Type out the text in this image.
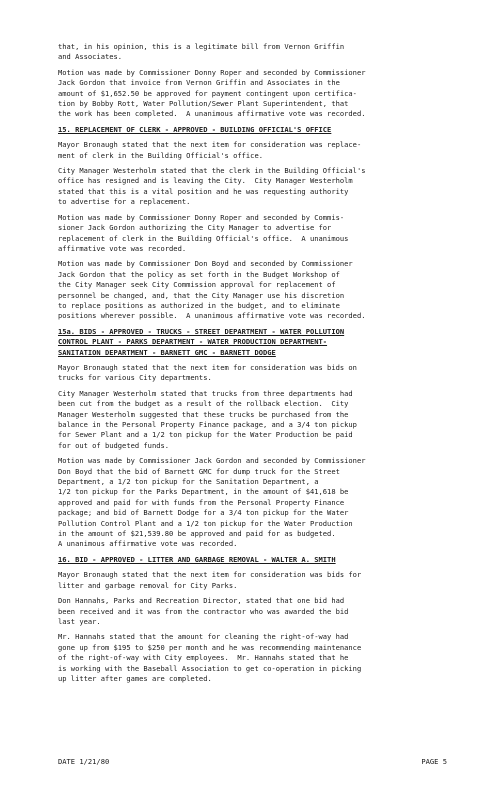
that, in his opinion, this is a legitimate bill from Vernon Griffin
and Associates.
Motion was made by Commissioner Donny Roper and seconded by Commissioner
Jack Gordon that invoice from Vernon Griffin and Associates in the
amount of $1,652.50 be approved for payment contingent upon certifica-
tion by Bobby Rott, Water Pollution/Sewer Plant Superintendent, that
the work has been completed.  A unanimous affirmative vote was recorded.
15. REPLACEMENT OF CLERK - APPROVED - BUILDING OFFICIAL'S OFFICE
Mayor Bronaugh stated that the next item for consideration was replace-
ment of clerk in the Building Official's office.
City Manager Westerholm stated that the clerk in the Building Official's
office has resigned and is leaving the City.  City Manager Westerholm
stated that this is a vital position and he was requesting authority
to advertise for a replacement.
Motion was made by Commissioner Donny Roper and seconded by Commis-
sioner Jack Gordon authorizing the City Manager to advertise for
replacement of clerk in the Building Official's office.  A unanimous
affirmative vote was recorded.
Motion was made by Commissioner Don Boyd and seconded by Commissioner
Jack Gordon that the policy as set forth in the Budget Workshop of
the City Manager seek City Commission approval for replacement of
personnel be changed, and, that the City Manager use his discretion
to replace positions as authorized in the budget, and to eliminate
positions wherever possible.  A unanimous affirmative vote was recorded.
15a. BIDS - APPROVED - TRUCKS - STREET DEPARTMENT - WATER POLLUTION
CONTROL PLANT - PARKS DEPARTMENT - WATER PRODUCTION DEPARTMENT-
SANITATION DEPARTMENT - BARNETT GMC - BARNETT DODGE
Mayor Bronaugh stated that the next item for consideration was bids on
trucks for various City departments.
City Manager Westerholm stated that trucks from three departments had
been cut from the budget as a result of the rollback election.  City
Manager Westerholm suggested that these trucks be purchased from the
balance in the Personal Property Finance package, and a 3/4 ton pickup
for Sewer Plant and a 1/2 ton pickup for the Water Production be paid
for out of budgeted funds.
Motion was made by Commissioner Jack Gordon and seconded by Commissioner
Don Boyd that the bid of Barnett GMC for dump truck for the Street
Department, a 1/2 ton pickup for the Sanitation Department, a
1/2 ton pickup for the Parks Department, in the amount of $41,618 be
approved and paid for with funds from the Personal Property Finance
package; and bid of Barnett Dodge for a 3/4 ton pickup for the Water
Pollution Control Plant and a 1/2 ton pickup for the Water Production
in the amount of $21,539.80 be approved and paid for as budgeted.
A unanimous affirmative vote was recorded.
16. BID - APPROVED - LITTER AND GARBAGE REMOVAL - WALTER A. SMITH
Mayor Bronaugh stated that the next item for consideration was bids for
litter and garbage removal for City Parks.
Don Hannahs, Parks and Recreation Director, stated that one bid had
been received and it was from the contractor who was awarded the bid
last year.
Mr. Hannahs stated that the amount for cleaning the right-of-way had
gone up from $195 to $250 per month and he was recommending maintenance
of the right-of-way with City employees.  Mr. Hannahs stated that he
is working with the Baseball Association to get co-operation in picking
up litter after games are completed.
DATE 1/21/80	PAGE 5
